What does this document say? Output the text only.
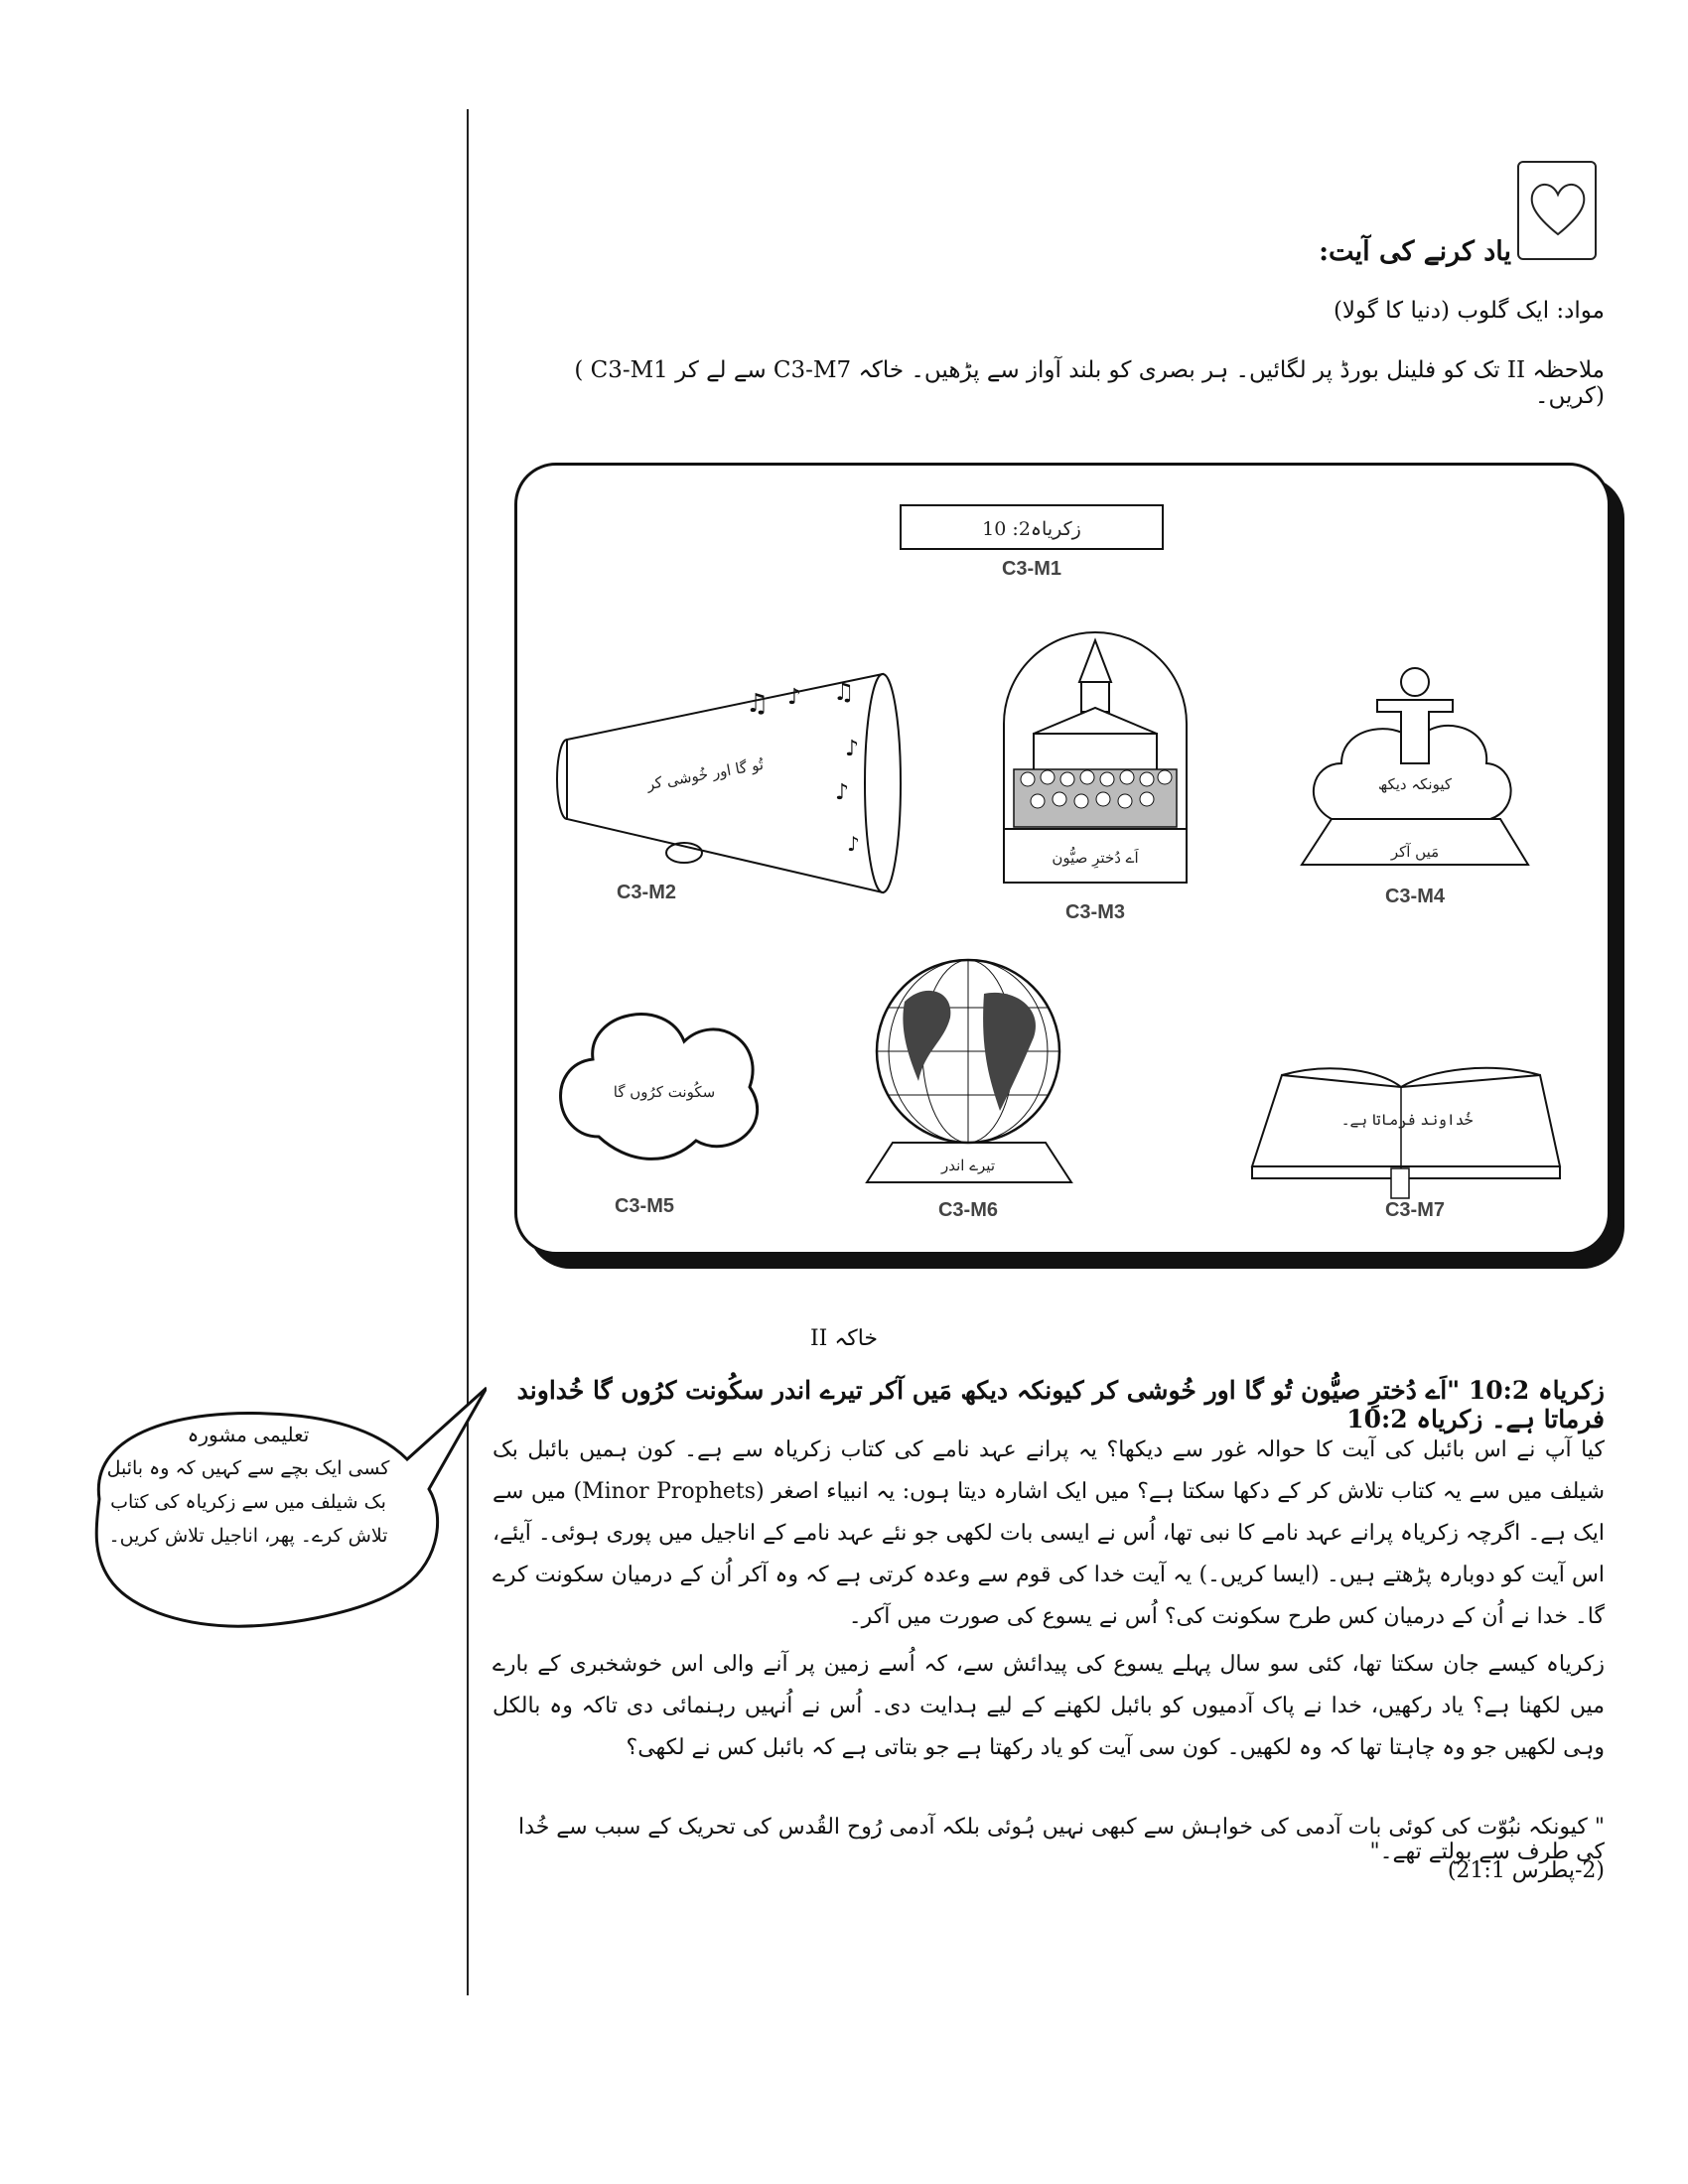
یاد کرنے کی آیت:
مواد: ایک گلوب (دنیا کا گولا)
( C3-M1 سے لے کر C3-M7 تک کو فلینل بورڈ پر لگائیں۔ ہر بصری کو بلند آواز سے پڑھیں۔ خاکہ II ملاحظہ کریں۔)
زکریاہ2: 10
C3-M1
♫ ♪ ♫
♪
♪
♪
تُو گا اور خُوشی کر
C3-M2
اَے دُخترِ صیُّون
C3-M3
کیونکہ دیکھ
مَیں آکر
C3-M4
سکُونت کرُوں گا
C3-M5
تیرے اندر
C3-M6
خُداوند فرماتا ہے۔
C3-M7
خاکہ II
زکریاہ 10:2 "اَے دُخترِ صیُّون تُو گا اور خُوشی کر کیونکہ دیکھ مَیں آکر تیرے اندر سکُونت کرُوں گا خُداوند فرماتا ہے۔ زکریاہ 10:2
کیا آپ نے اس بائبل کی آیت کا حوالہ غور سے دیکھا؟ یہ پرانے عہد نامے کی کتاب زکریاہ سے ہے۔ کون ہمیں بائبل بک شیلف میں سے یہ کتاب تلاش کر کے دکھا سکتا ہے؟ میں ایک اشارہ دیتا ہوں: یہ انبیاء اصغر (Minor Prophets) میں سے ایک ہے۔ اگرچہ زکریاہ پرانے عہد نامے کا نبی تھا، اُس نے ایسی بات لکھی جو نئے عہد نامے کے اناجیل میں پوری ہوئی۔ آیئے، اس آیت کو دوبارہ پڑھتے ہیں۔ (ایسا کریں۔) یہ آیت خدا کی قوم سے وعدہ کرتی ہے کہ وہ آکر اُن کے درمیان سکونت کرے گا۔ خدا نے اُن کے درمیان کس طرح سکونت کی؟ اُس نے یسوع کی صورت میں آکر۔
زکریاہ کیسے جان سکتا تھا، کئی سو سال پہلے یسوع کی پیدائش سے، کہ اُسے زمین پر آنے والی اس خوشخبری کے بارے میں لکھنا ہے؟ یاد رکھیں، خدا نے پاک آدمیوں کو بائبل لکھنے کے لیے ہدایت دی۔ اُس نے اُنہیں رہنمائی دی تاکہ وہ بالکل وہی لکھیں جو وہ چاہتا تھا کہ وہ لکھیں۔ کون سی آیت کو یاد رکھتا ہے جو بتاتی ہے کہ بائبل کس نے لکھی؟
" کیونکہ نبُوّت کی کوئی بات آدمی کی خواہش سے کبھی نہیں ہُوئی بلکہ آدمی رُوح القُدس کی تحریک کے سبب سے خُدا کی طرف سے بولتے تھے۔"
(2-پطرس 21:1)
تعلیمی مشورہ
کسی ایک بچے سے کہیں کہ وہ بائبل بک شیلف میں سے زکریاہ کی کتاب تلاش کرے۔ پھر، اناجیل تلاش کریں۔
